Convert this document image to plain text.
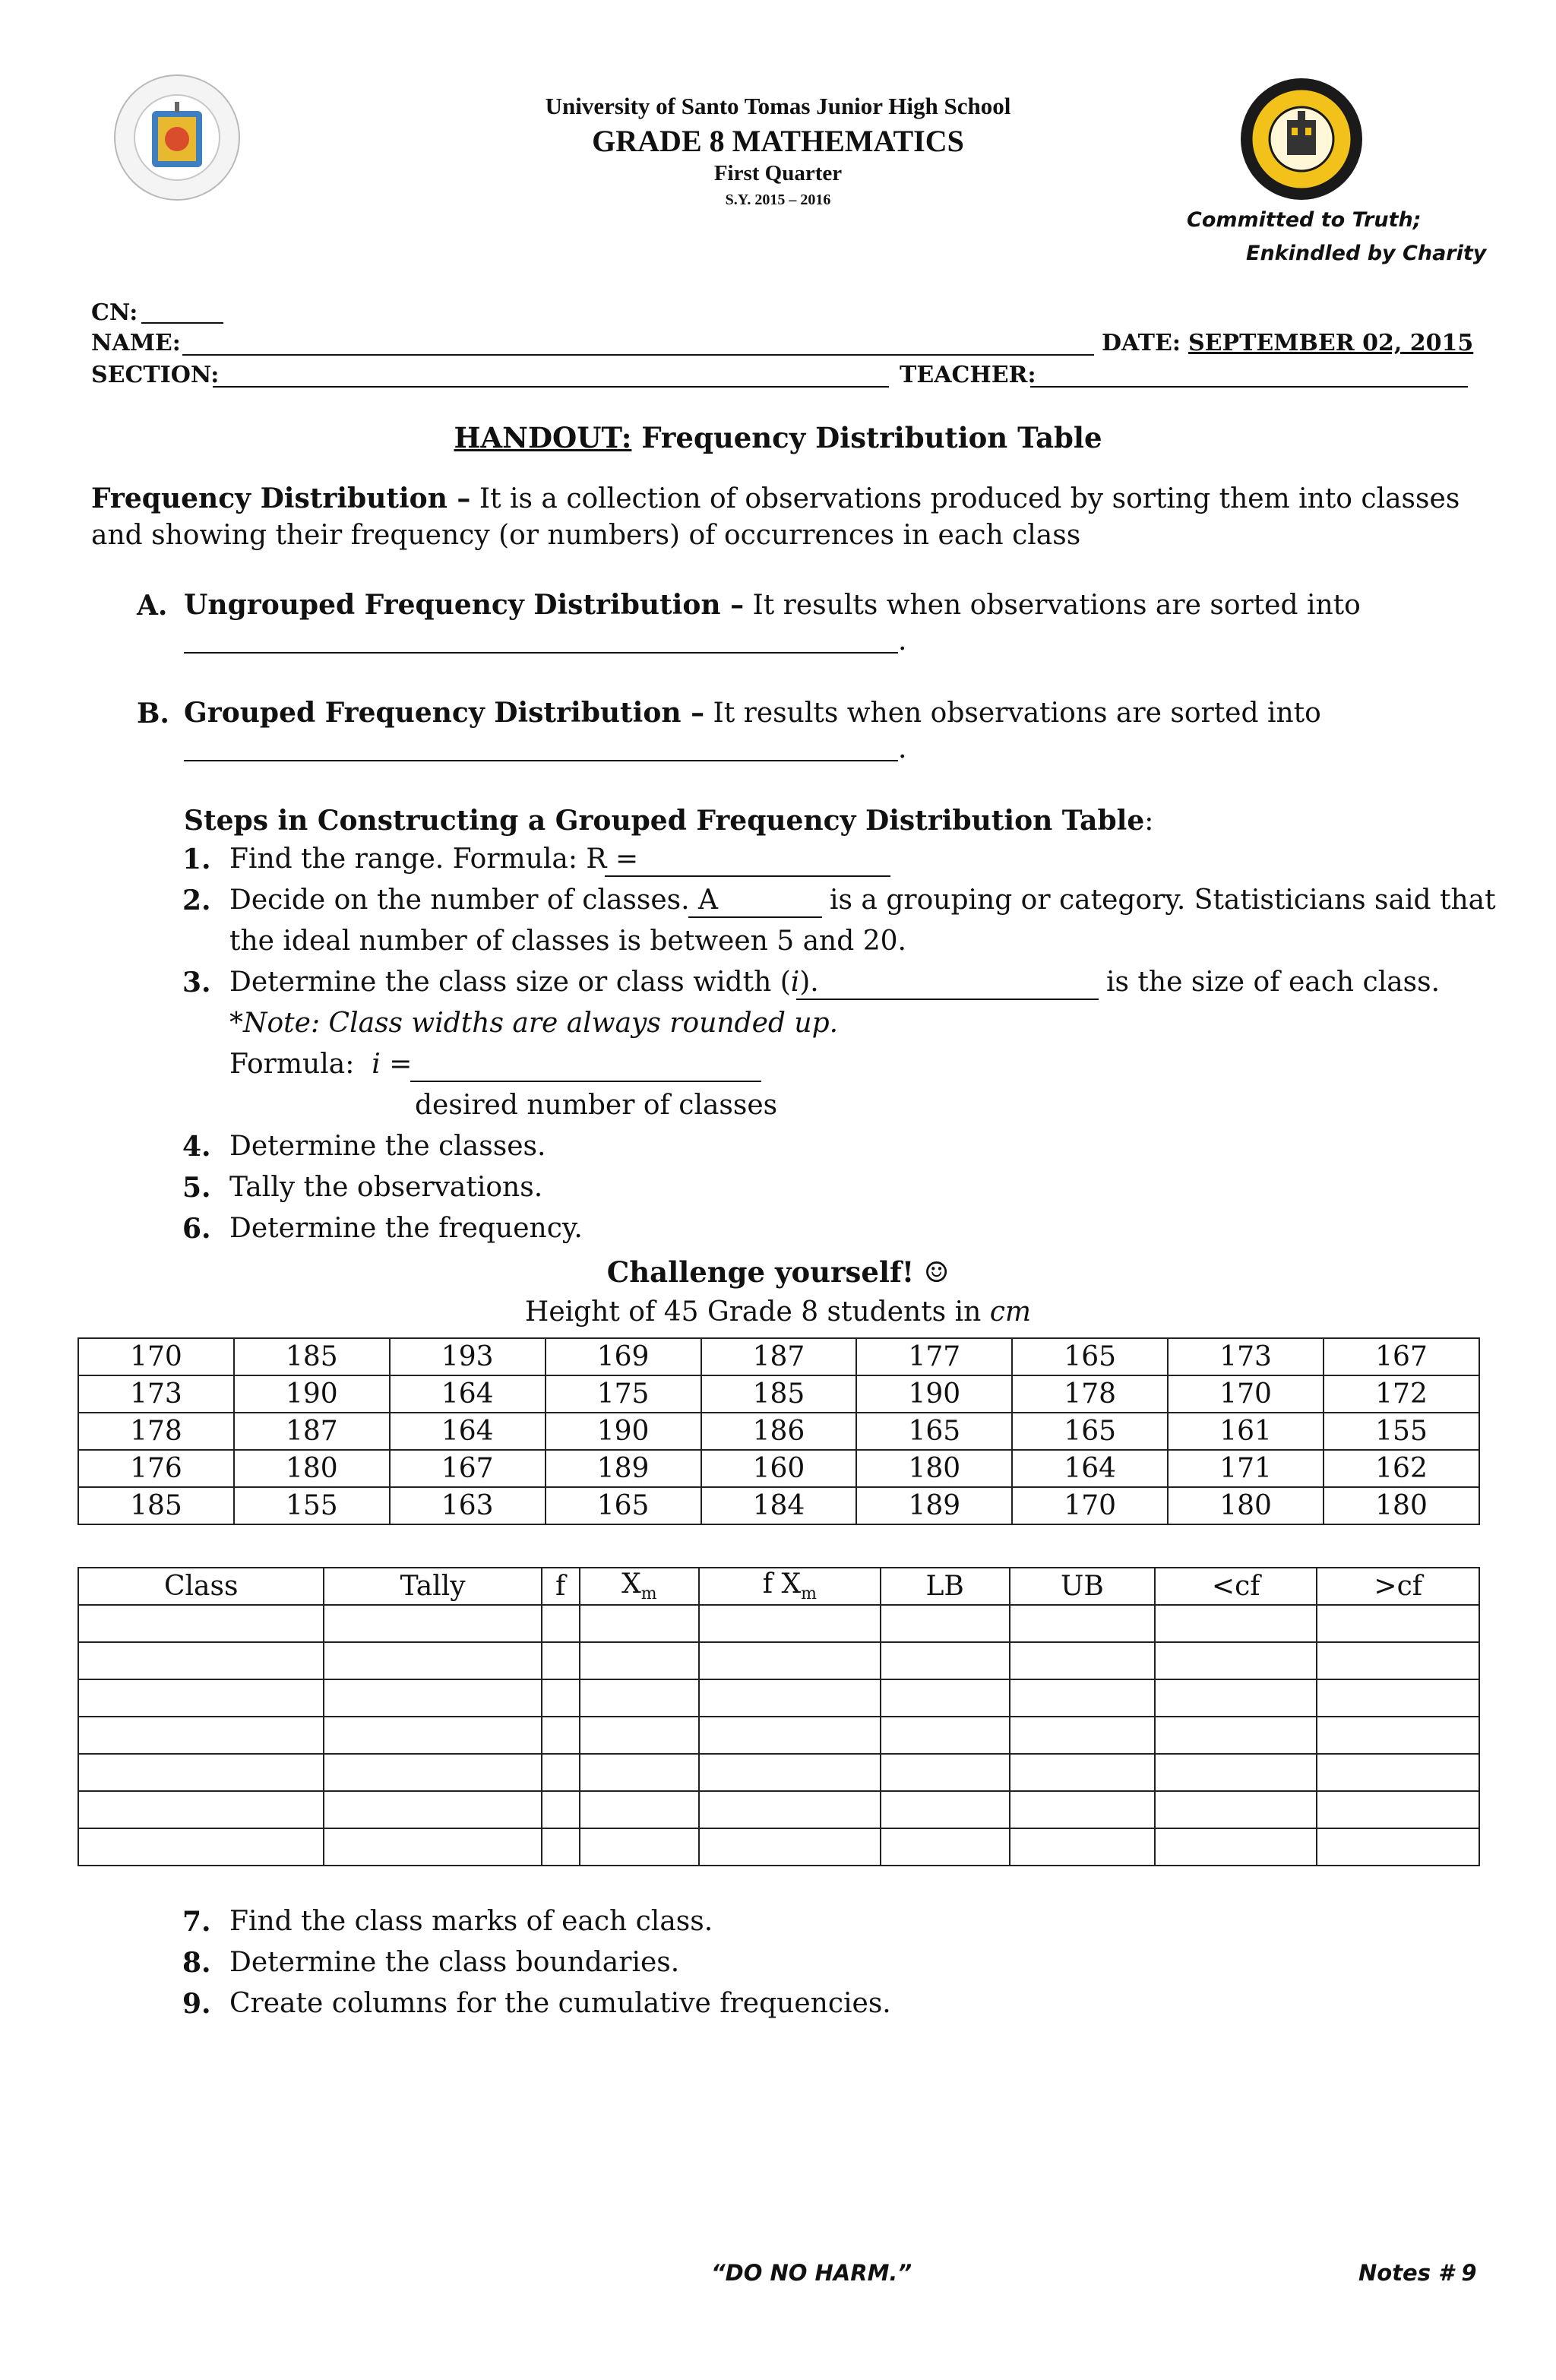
University of Santo Tomas Junior High School
GRADE 8 MATHEMATICS
First Quarter
S.Y. 2015 – 2016
Committed to Truth;
Enkindled by Charity
CN:
NAME:	DATE: SEPTEMBER 02, 2015
SECTION:	TEACHER:
HANDOUT: Frequency Distribution Table
Frequency Distribution – It is a collection of observations produced by sorting them into classes and showing their frequency (or numbers) of occurrences in each class
A. Ungrouped Frequency Distribution – It results when observations are sorted into
.
B. Grouped Frequency Distribution – It results when observations are sorted into
.
Steps in Constructing a Grouped Frequency Distribution Table:
1. Find the range. Formula: R =
2. Decide on the number of classes. A	is a grouping or category. Statisticians said that
the ideal number of classes is between 5 and 20.
3. Determine the class size or class width (i).	is the size of each class.
*Note: Class widths are always rounded up.
Formula: i =
desired number of classes
4. Determine the classes.
5. Tally the observations.
6. Determine the frequency.
Challenge yourself! ☺
Height of 45 Grade 8 students in cm
170	185	193	169	187	177	165	173	167
173	190	164	175	185	190	178	170	172
178	187	164	190	186	165	165	161	155
176	180	167	189	160	180	164	171	162
185	155	163	165	184	189	170	180	180
Class	Tally	f	$X_m$	f $X_m$	LB	UB	<cf	>cf

7. Find the class marks of each class.
8. Determine the class boundaries.
9. Create columns for the cumulative frequencies.
“DO NO HARM.”	Notes # 9
